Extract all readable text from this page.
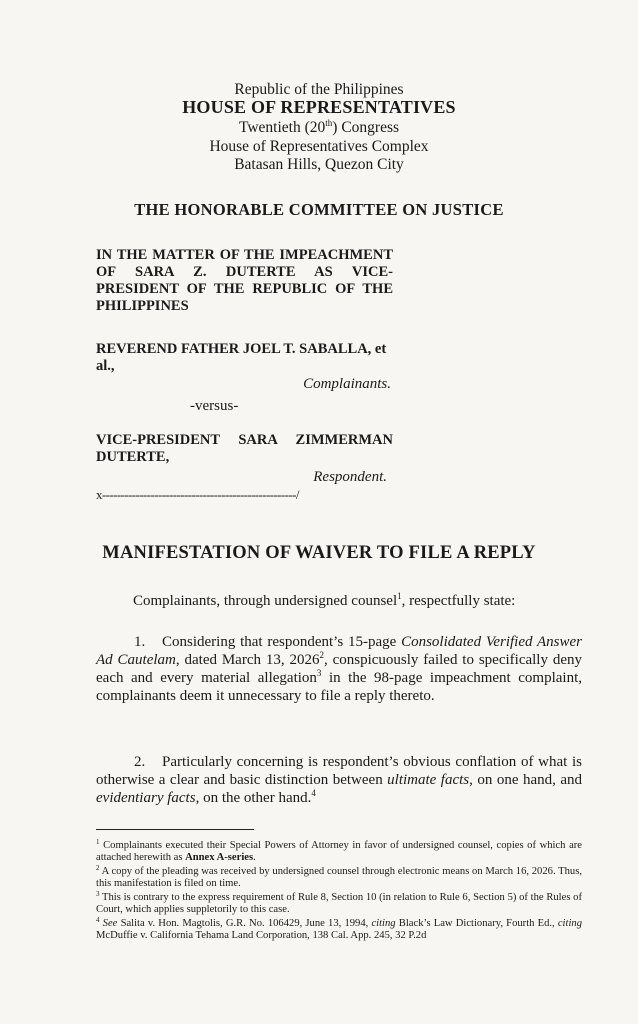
Republic of the Philippines
HOUSE OF REPRESENTATIVES
Twentieth (20th) Congress
House of Representatives Complex
Batasan Hills, Quezon City
THE HONORABLE COMMITTEE ON JUSTICE
IN THE MATTER OF THE IMPEACHMENT
OF SARA Z. DUTERTE AS VICE-
PRESIDENT OF THE REPUBLIC OF THE
PHILIPPINES
REVEREND FATHER JOEL T. SABALLA, et
al.,
Complainants.
-versus-
VICE-PRESIDENT SARA ZIMMERMAN
DUTERTE,
Respondent.
x----------------------------------------------------/
MANIFESTATION OF WAIVER TO FILE A REPLY
Complainants, through undersigned counsel$^1$, respectfully state:
1. Considering that respondent’s 15-page Consolidated Verified Answer Ad Cautelam, dated March 13, 2026$^2$, conspicuously failed to specifically deny each and every material allegation$^3$ in the 98-page impeachment complaint, complainants deem it unnecessary to file a reply thereto.
2. Particularly concerning is respondent’s obvious conflation of what is otherwise a clear and basic distinction between ultimate facts, on one hand, and evidentiary facts, on the other hand.$^4$
$^1$ Complainants executed their Special Powers of Attorney in favor of undersigned counsel, copies of which are attached herewith as Annex A-series.
$^2$ A copy of the pleading was received by undersigned counsel through electronic means on March 16, 2026. Thus, this manifestation is filed on time.
$^3$ This is contrary to the express requirement of Rule 8, Section 10 (in relation to Rule 6, Section 5) of the Rules of Court, which applies suppletorily to this case.
$^4$ See Salita v. Hon. Magtolis, G.R. No. 106429, June 13, 1994, citing Black’s Law Dictionary, Fourth Ed., citing McDuffie v. California Tehama Land Corporation, 138 Cal. App. 245, 32 P.2d
